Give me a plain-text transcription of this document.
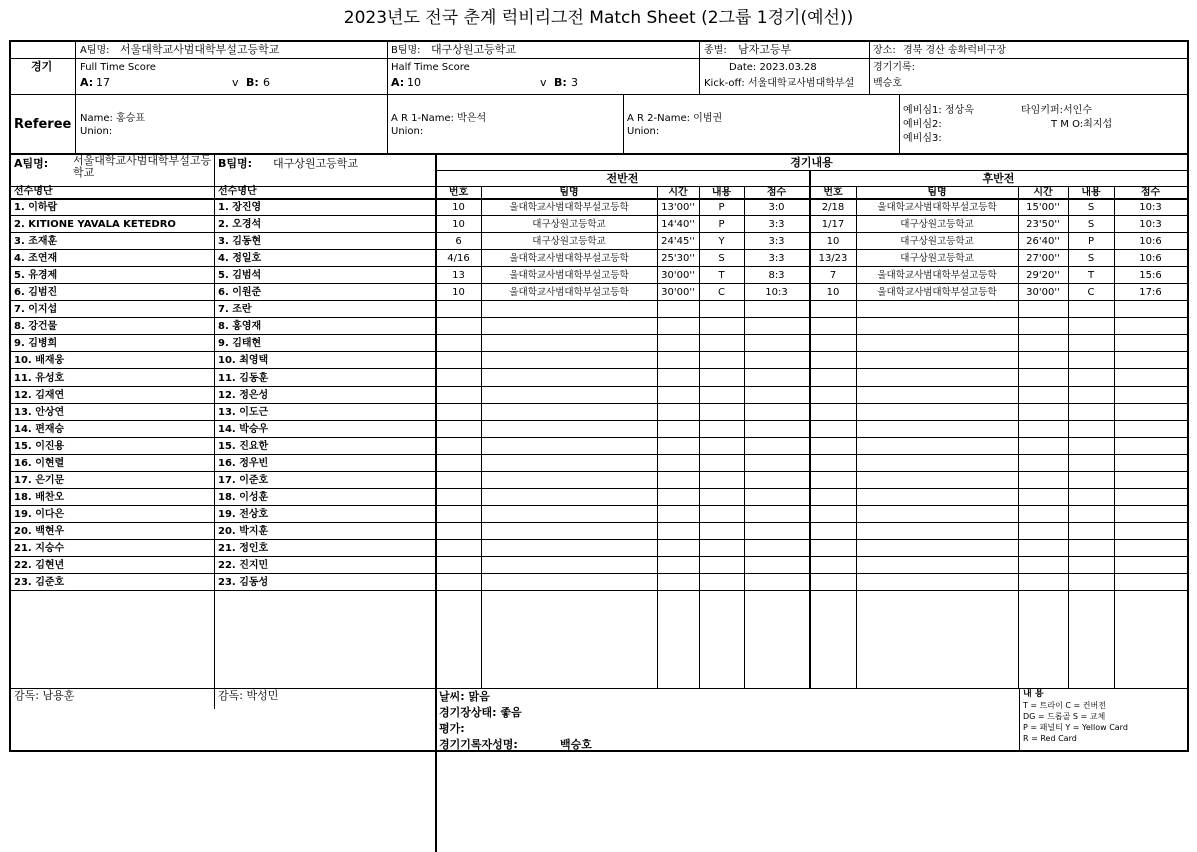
2023년도 전국 춘계 럭비리그전 Match Sheet (2그룹 1경기(예선))
경기
A팀명: 서울대학교사범대학부설고등학교	B팀명: 대구상원고등학교	종별: 남자고등부	장소: 경북 경산 송화럭비구장
Full Time Score
A: 17	v B: 6
Half Time Score
A: 10	v B: 3
Date: 2023.03.28
Kick-off: 서울대학교사범대학부설
경기기록:
백승호
Referee Name: 홍승표
Union:
A R 1-Name: 박은석
Union:
A R 2-Name: 이범권
Union:
예비심1: 정상욱
예비심2:
예비심3:
타임키퍼:서인수
T M O:최지섭
A팀명: 서울대학교사범대학부설고등학교
B팀명: 대구상원고등학교	경기내용
전반전	후반전
선수명단	선수명단	번호	팀명	시간	내용	점수	번호	팀명	시간	내용	점수
1. 이하람	1. 장진영	10	울대학교사범대학부설고등학	13'00''	P	3:0	2/18	울대학교사범대학부설고등학	15'00''	S	10:3
2. KITIONE YAVALA KETEDRO	2. 오경석	10	대구상원고등학교	14'40''	P	3:3	1/17	대구상원고등학교	23'50''	S	10:3
3. 조재훈	3. 김동현	6	대구상원고등학교	24'45''	Y	3:3	10	대구상원고등학교	26'40''	P	10:6
4. 조연재	4. 정일호	4/16	울대학교사범대학부설고등학	25'30''	S	3:3	13/23	대구상원고등학교	27'00''	S	10:6
5. 유경제	5. 김범석	13	울대학교사범대학부설고등학	30'00''	T	8:3	7	울대학교사범대학부설고등학	29'20''	T	15:6
6. 김범진	6. 이원준	10	울대학교사범대학부설고등학	30'00''	C	10:3	10	울대학교사범대학부설고등학	30'00''	C	17:6
7. 이지섭	7. 조란
8. 강건물	8. 홍영재
9. 김병희	9. 김태현
10. 배재웅	10. 최영택
11. 유성호	11. 김동훈
12. 김재연	12. 정은성
13. 안상연	13. 이도근
14. 편재승	14. 박승우
15. 이진용	15. 진요한
16. 이현렬	16. 정우빈
17. 은기문	17. 이준호
18. 배찬오	18. 이성훈
19. 이다은	19. 전상호
20. 백현우	20. 박지훈
21. 지승수	21. 정인호
22. 김현년	22. 진지민
23. 김준호	23. 김동성
감독: 남용훈	감독: 박성민	날씨: 맑음
경기장상태: 좋음
평가:
경기기록자성명:	백승호
내 용
T = 트라이 C = 컨버전
DG = 드롭골 S = 교체
P = 패널티 Y = Yellow Card
R = Red Card
